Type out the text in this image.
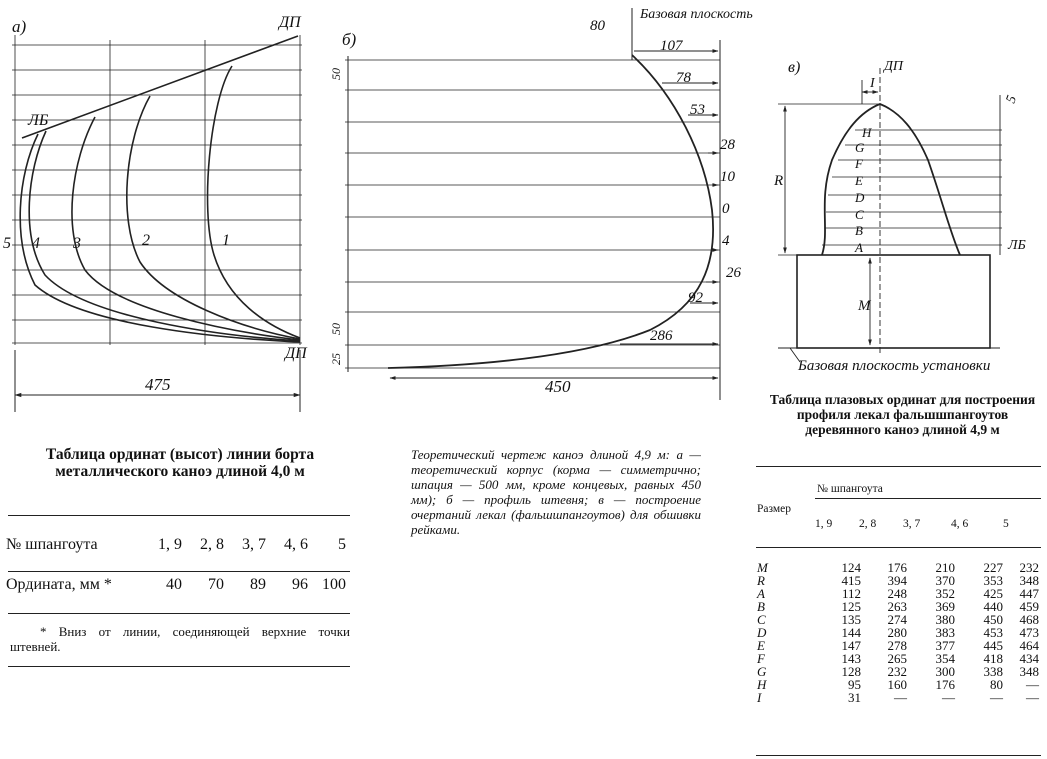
а)	ДП
ДП
ЛБ
1
2
3
4
5
475
б)
Базовая плоскость
80
107
78
53
28
10
0
4
26
92
286
50
50
25
450
в)	ДП
I
R
M
5
ЛБ
H
G
F
E
D
C
B
A
Базовая плоскость установки
Таблица ординат (высот) линии борта металлического каноэ длиной 4,0 м
№ шпангоута	1, 9	2, 8	3, 7	4, 6	5

Ордината, мм *	40	70	89	96	100
* Вниз от линии, соединяющей верхние точки штевней.
Теоретический чертеж каноэ длиной 4,9 м: а — теоретический корпус (корма — симметрично; шпация — 500 мм, кроме концевых, равных 450 мм); б — профиль штевня; в — построение очертаний лекал (фальшшпангоутов) для обшивки рейками.
Таблица плазовых ординат для построения профиля лекал фальшшпангоутов деревянного каноэ длиной 4,9 м
Размер
№ шпангоута
	1, 9	2, 8	3, 7	4, 6	5
M	124	176	210	227	232
R	415	394	370	353	348
A	112	248	352	425	447
B	125	263	369	440	459
C	135	274	380	450	468
D	144	280	383	453	473
E	147	278	377	445	464
F	143	265	354	418	434
G	128	232	300	338	348
H	95	160	176	80	—
I	31	—	—	—	—
